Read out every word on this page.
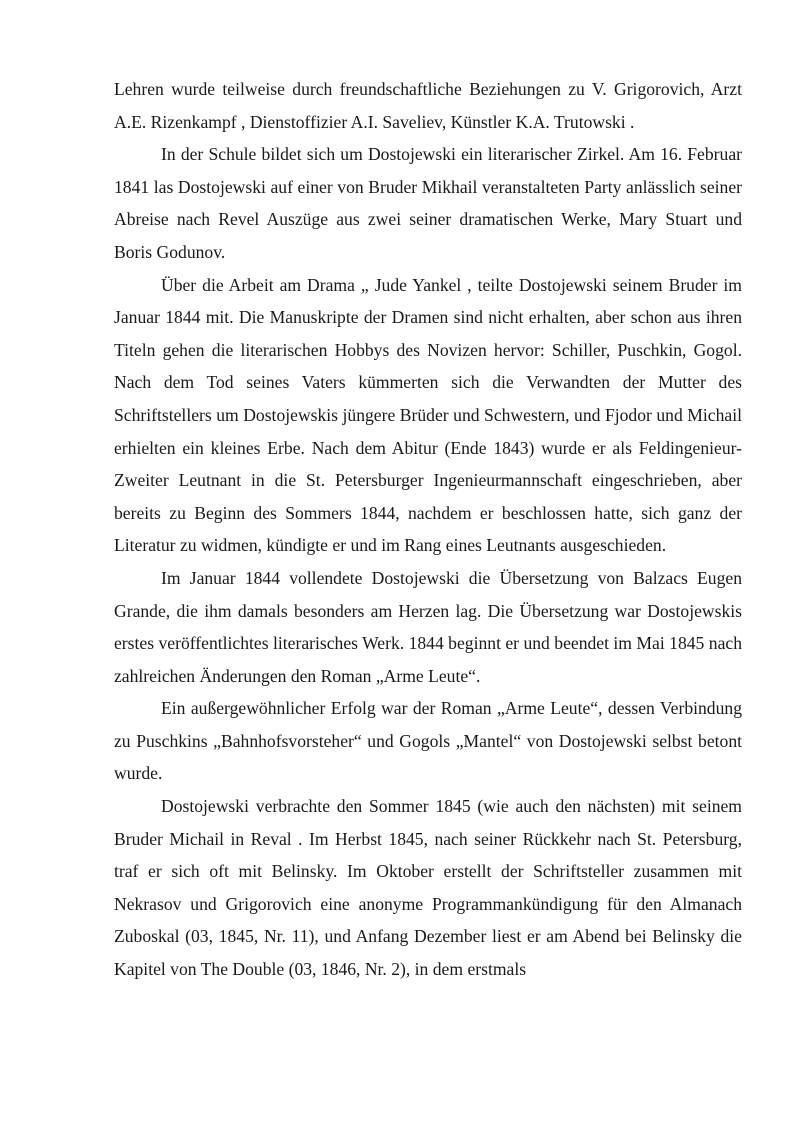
Lehren wurde teilweise durch freundschaftliche Beziehungen zu V. Grigorovich, Arzt A.E. Rizenkampf , Dienstoffizier A.I. Saveliev, Künstler K.A. Trutowski .

In der Schule bildet sich um Dostojewski ein literarischer Zirkel. Am 16. Februar 1841 las Dostojewski auf einer von Bruder Mikhail veranstalteten Party anlässlich seiner Abreise nach Revel Auszüge aus zwei seiner dramatischen Werke, Mary Stuart und Boris Godunov.

Über die Arbeit am Drama „ Jude Yankel , teilte Dostojewski seinem Bruder im Januar 1844 mit. Die Manuskripte der Dramen sind nicht erhalten, aber schon aus ihren Titeln gehen die literarischen Hobbys des Novizen hervor: Schiller, Puschkin, Gogol. Nach dem Tod seines Vaters kümmerten sich die Verwandten der Mutter des Schriftstellers um Dostojewskis jüngere Brüder und Schwestern, und Fjodor und Michail erhielten ein kleines Erbe. Nach dem Abitur (Ende 1843) wurde er als Feldingenieur-Zweiter Leutnant in die St. Petersburger Ingenieurmannschaft eingeschrieben, aber bereits zu Beginn des Sommers 1844, nachdem er beschlossen hatte, sich ganz der Literatur zu widmen, kündigte er und im Rang eines Leutnants ausgeschieden.

Im Januar 1844 vollendete Dostojewski die Übersetzung von Balzacs Eugen Grande, die ihm damals besonders am Herzen lag. Die Übersetzung war Dostojewskis erstes veröffentlichtes literarisches Werk. 1844 beginnt er und beendet im Mai 1845 nach zahlreichen Änderungen den Roman „Arme Leute“.

Ein außergewöhnlicher Erfolg war der Roman „Arme Leute“, dessen Verbindung zu Puschkins „Bahnhofsvorsteher“ und Gogols „Mantel“ von Dostojewski selbst betont wurde.

Dostojewski verbrachte den Sommer 1845 (wie auch den nächsten) mit seinem Bruder Michail in Reval . Im Herbst 1845, nach seiner Rückkehr nach St. Petersburg, traf er sich oft mit Belinsky. Im Oktober erstellt der Schriftsteller zusammen mit Nekrasov und Grigorovich eine anonyme Programmankündigung für den Almanach Zuboskal (03, 1845, Nr. 11), und Anfang Dezember liest er am Abend bei Belinsky die Kapitel von The Double (03, 1846, Nr. 2), in dem erstmals
